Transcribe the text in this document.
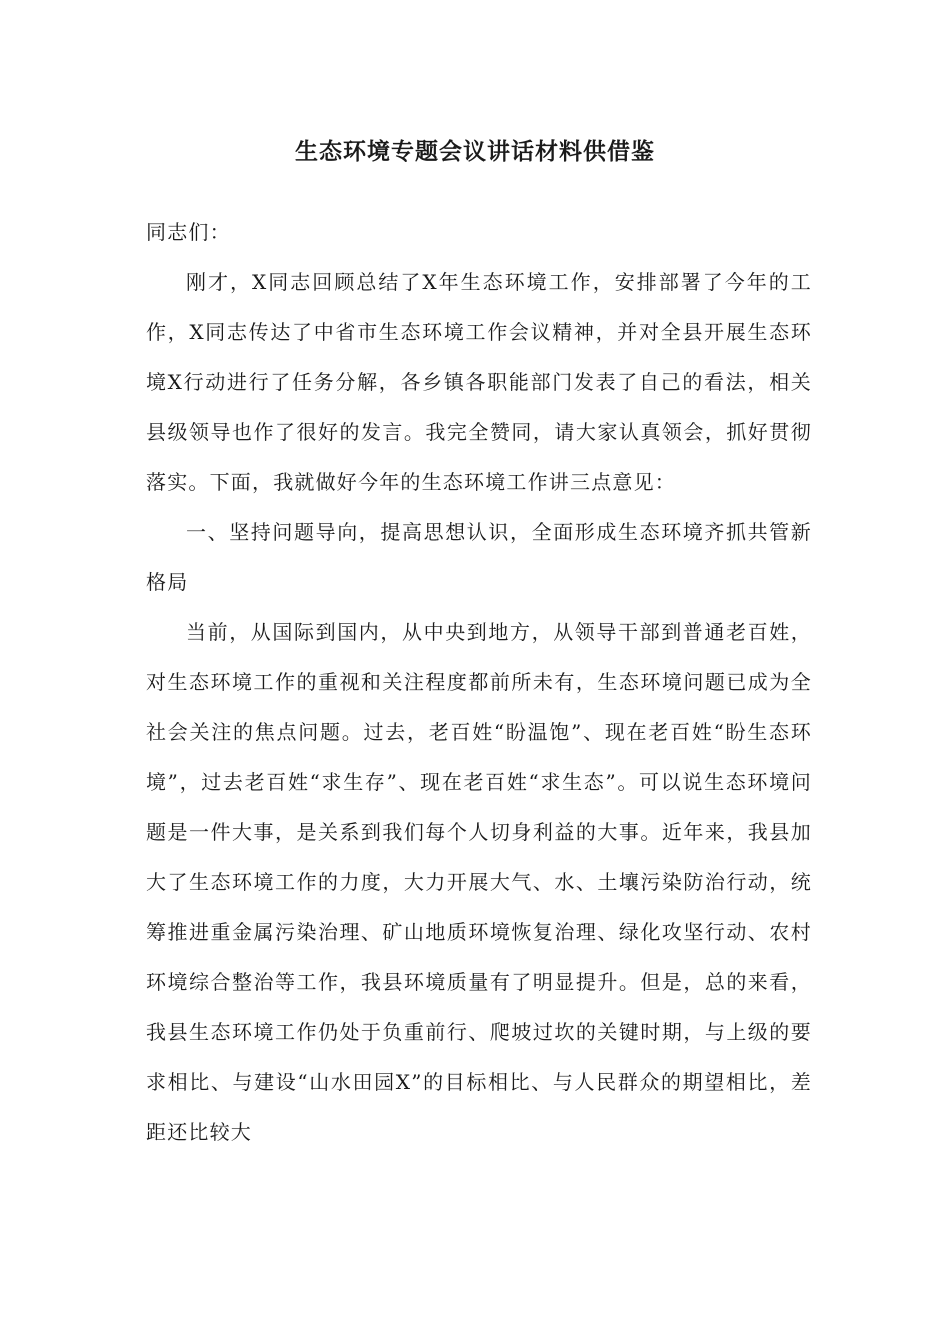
生态环境专题会议讲话材料供借鉴

同志们：

刚才，X同志回顾总结了X年生态环境工作，安排部署了今年的工作，X同志传达了中省市生态环境工作会议精神，并对全县开展生态环境X行动进行了任务分解，各乡镇各职能部门发表了自己的看法，相关县级领导也作了很好的发言。我完全赞同，请大家认真领会，抓好贯彻落实。下面，我就做好今年的生态环境工作讲三点意见：

一、坚持问题导向，提高思想认识，全面形成生态环境齐抓共管新格局

当前，从国际到国内，从中央到地方，从领导干部到普通老百姓，对生态环境工作的重视和关注程度都前所未有，生态环境问题已成为全社会关注的焦点问题。过去，老百姓“盼温饱”、现在老百姓“盼生态环境”，过去老百姓“求生存”、现在老百姓“求生态”。可以说生态环境问题是一件大事，是关系到我们每个人切身利益的大事。近年来，我县加大了生态环境工作的力度，大力开展大气、水、土壤污染防治行动，统筹推进重金属污染治理、矿山地质环境恢复治理、绿化攻坚行动、农村环境综合整治等工作，我县环境质量有了明显提升。但是，总的来看，我县生态环境工作仍处于负重前行、爬坡过坎的关键时期，与上级的要求相比、与建设“山水田园X”的目标相比、与人民群众的期望相比，差距还比较大
